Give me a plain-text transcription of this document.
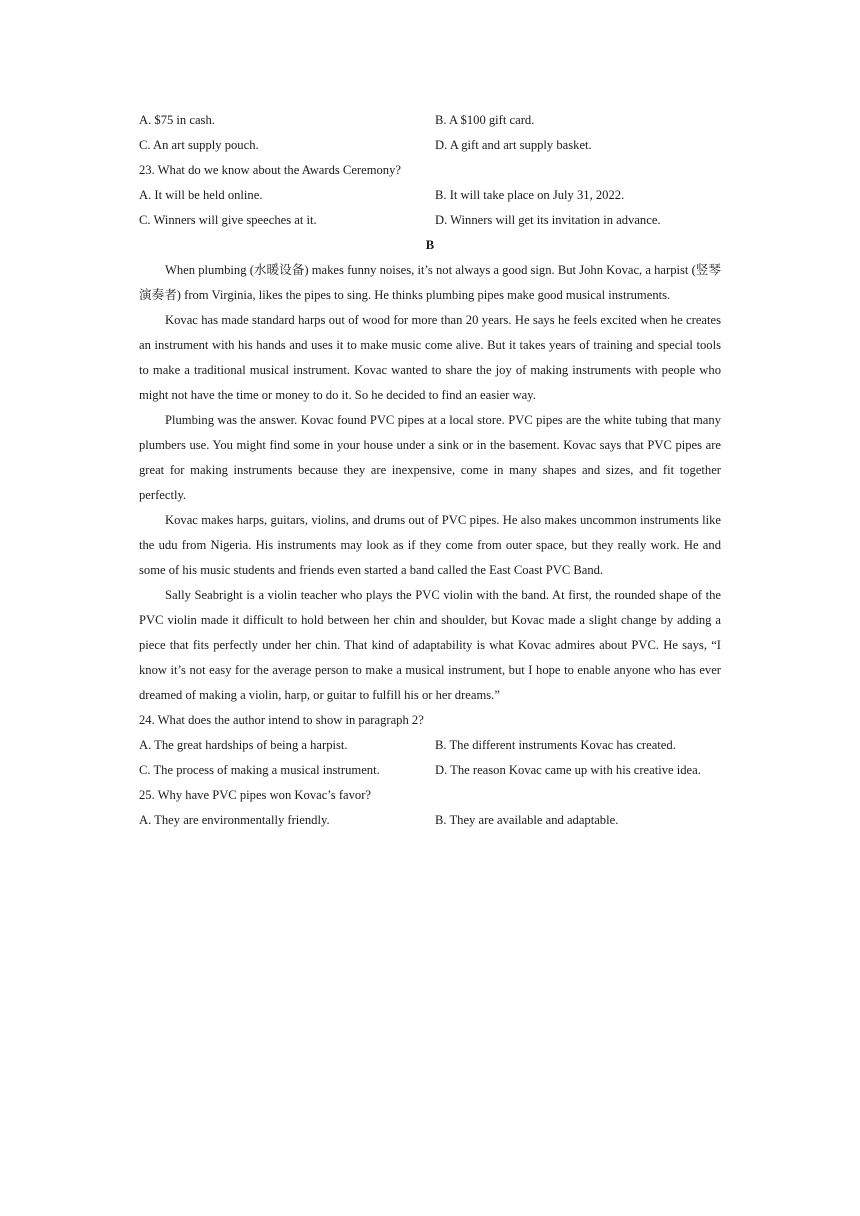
A. $75 in cash.	B. A $100 gift card.
C. An art supply pouch.	D. A gift and art supply basket.
23. What do we know about the Awards Ceremony?
A. It will be held online.	B. It will take place on July 31, 2022.
C. Winners will give speeches at it.	D. Winners will get its invitation in advance.
B

When plumbing (水暖设备) makes funny noises, it’s not always a good sign. But John Kovac, a harpist (竖琴演奏者) from Virginia, likes the pipes to sing. He thinks plumbing pipes make good musical instruments.

Kovac has made standard harps out of wood for more than 20 years. He says he feels excited when he creates an instrument with his hands and uses it to make music come alive. But it takes years of training and special tools to make a traditional musical instrument. Kovac wanted to share the joy of making instruments with people who might not have the time or money to do it. So he decided to find an easier way.

Plumbing was the answer. Kovac found PVC pipes at a local store. PVC pipes are the white tubing that many plumbers use. You might find some in your house under a sink or in the basement. Kovac says that PVC pipes are great for making instruments because they are inexpensive, come in many shapes and sizes, and fit together perfectly.

Kovac makes harps, guitars, violins, and drums out of PVC pipes. He also makes uncommon instruments like the udu from Nigeria. His instruments may look as if they come from outer space, but they really work. He and some of his music students and friends even started a band called the East Coast PVC Band.

Sally Seabright is a violin teacher who plays the PVC violin with the band. At first, the rounded shape of the PVC violin made it difficult to hold between her chin and shoulder, but Kovac made a slight change by adding a piece that fits perfectly under her chin. That kind of adaptability is what Kovac admires about PVC. He says, “I know it’s not easy for the average person to make a musical instrument, but I hope to enable anyone who has ever dreamed of making a violin, harp, or guitar to fulfill his or her dreams.”

24. What does the author intend to show in paragraph 2?
A. The great hardships of being a harpist.	B. The different instruments Kovac has created.
C. The process of making a musical instrument.	D. The reason Kovac came up with his creative idea.
25. Why have PVC pipes won Kovac’s favor?
A. They are environmentally friendly.	B. They are available and adaptable.
